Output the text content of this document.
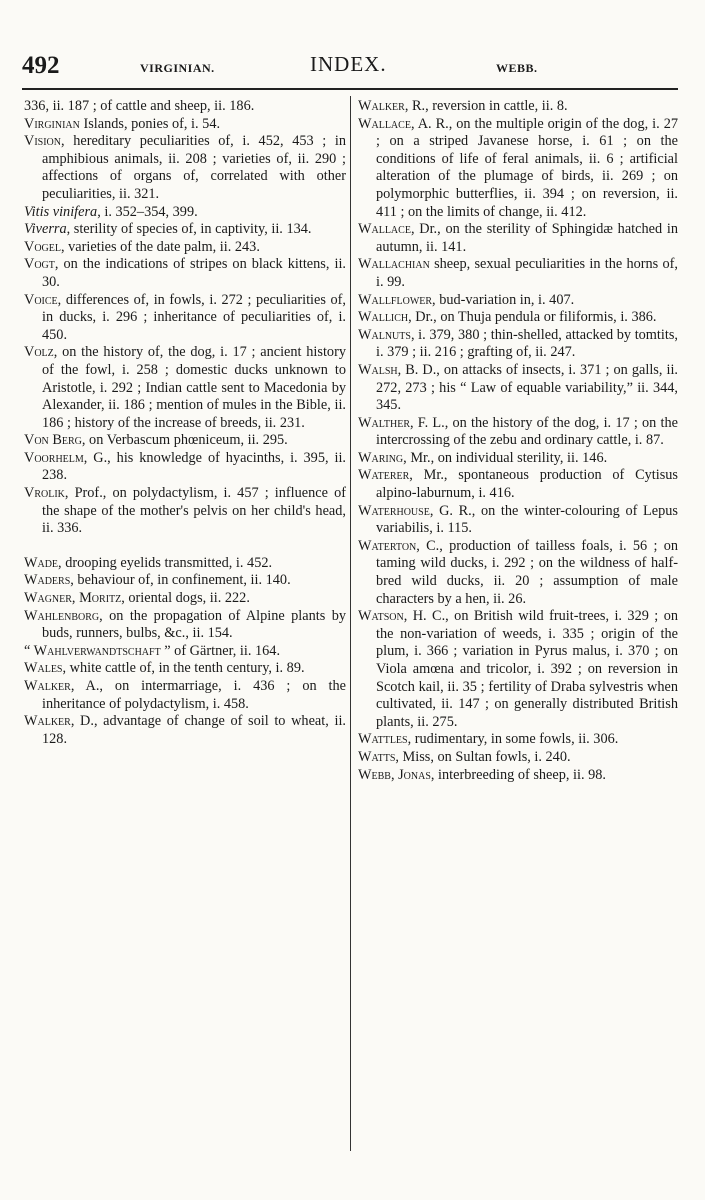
492	VIRGINIAN.	INDEX.	WEBB.
336, ii. 187 ; of cattle and sheep, ii. 186.
Virginian Islands, ponies of, i. 54.
Vision, hereditary peculiarities of, i. 452, 453 ; in amphibious animals, ii. 208 ; varieties of, ii. 290 ; affections of organs of, correlated with other peculiarities, ii. 321.
Vitis vinifera, i. 352–354, 399.
Viverra, sterility of species of, in captivity, ii. 134.
Vogel, varieties of the date palm, ii. 243.
Vogt, on the indications of stripes on black kittens, ii. 30.
Voice, differences of, in fowls, i. 272 ; peculiarities of, in ducks, i. 296 ; inheritance of peculiarities of, i. 450.
Volz, on the history of, the dog, i. 17 ; ancient history of the fowl, i. 258 ; domestic ducks unknown to Aristotle, i. 292 ; Indian cattle sent to Macedonia by Alexander, ii. 186 ; mention of mules in the Bible, ii. 186 ; history of the increase of breeds, ii. 231.
Von Berg, on Verbascum phœniceum, ii. 295.
Voorhelm, G., his knowledge of hyacinths, i. 395, ii. 238.
Vrolik, Prof., on polydactylism, i. 457 ; influence of the shape of the mother's pelvis on her child's head, ii. 336.
Wade, drooping eyelids transmitted, i. 452.
Waders, behaviour of, in confinement, ii. 140.
Wagner, Moritz, oriental dogs, ii. 222.
Wahlenborg, on the propagation of Alpine plants by buds, runners, bulbs, &c., ii. 154.
“ Wahlverwandtschaft ” of Gärtner, ii. 164.
Wales, white cattle of, in the tenth century, i. 89.
Walker, A., on intermarriage, i. 436 ; on the inheritance of polydactylism, i. 458.
Walker, D., advantage of change of soil to wheat, ii. 128.
Walker, R., reversion in cattle, ii. 8.
Wallace, A. R., on the multiple origin of the dog, i. 27 ; on a striped Javanese horse, i. 61 ; on the conditions of life of feral animals, ii. 6 ; artificial alteration of the plumage of birds, ii. 269 ; on polymorphic butterflies, ii. 394 ; on reversion, ii. 411 ; on the limits of change, ii. 412.
Wallace, Dr., on the sterility of Sphingidæ hatched in autumn, ii. 141.
Wallachian sheep, sexual peculiarities in the horns of, i. 99.
Wallflower, bud-variation in, i. 407.
Wallich, Dr., on Thuja pendula or filiformis, i. 386.
Walnuts, i. 379, 380 ; thin-shelled, attacked by tomtits, i. 379 ; ii. 216 ; grafting of, ii. 247.
Walsh, B. D., on attacks of insects, i. 371 ; on galls, ii. 272, 273 ; his “ Law of equable variability,” ii. 344, 345.
Walther, F. L., on the history of the dog, i. 17 ; on the intercrossing of the zebu and ordinary cattle, i. 87.
Waring, Mr., on individual sterility, ii. 146.
Waterer, Mr., spontaneous production of Cytisus alpino-laburnum, i. 416.
Waterhouse, G. R., on the winter-colouring of Lepus variabilis, i. 115.
Waterton, C., production of tailless foals, i. 56 ; on taming wild ducks, i. 292 ; on the wildness of half-bred wild ducks, ii. 20 ; assumption of male characters by a hen, ii. 26.
Watson, H. C., on British wild fruit-trees, i. 329 ; on the non-variation of weeds, i. 335 ; origin of the plum, i. 366 ; variation in Pyrus malus, i. 370 ; on Viola amœna and tricolor, i. 392 ; on reversion in Scotch kail, ii. 35 ; fertility of Draba sylvestris when cultivated, ii. 147 ; on generally distributed British plants, ii. 275.
Wattles, rudimentary, in some fowls, ii. 306.
Watts, Miss, on Sultan fowls, i. 240.
Webb, Jonas, interbreeding of sheep, ii. 98.
